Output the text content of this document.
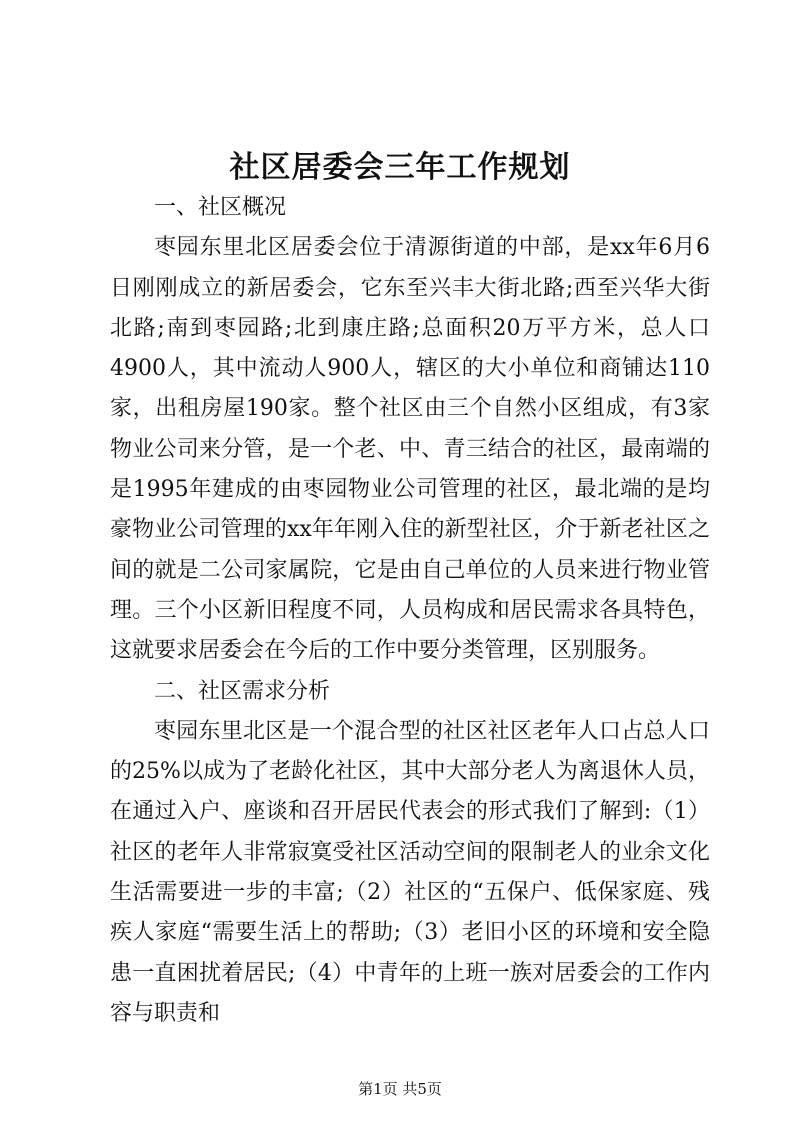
社区居委会三年工作规划

一、社区概况

枣园东里北区居委会位于清源街道的中部，是xx年6月6日刚刚成立的新居委会，它东至兴丰大街北路;西至兴华大街北路;南到枣园路;北到康庄路;总面积20万平方米，总人口4900人，其中流动人900人，辖区的大小单位和商铺达110家，出租房屋190家。整个社区由三个自然小区组成，有3家物业公司来分管，是一个老、中、青三结合的社区，最南端的是1995年建成的由枣园物业公司管理的社区，最北端的是均豪物业公司管理的xx年年刚入住的新型社区，介于新老社区之间的就是二公司家属院，它是由自己单位的人员来进行物业管理。三个小区新旧程度不同，人员构成和居民需求各具特色，这就要求居委会在今后的工作中要分类管理，区别服务。

二、社区需求分析

枣园东里北区是一个混合型的社区社区老年人口占总人口的25%以成为了老龄化社区，其中大部分老人为离退休人员，在通过入户、座谈和召开居民代表会的形式我们了解到:（1）社区的老年人非常寂寞受社区活动空间的限制老人的业余文化生活需要进一步的丰富;（2）社区的“五保户、低保家庭、残疾人家庭“需要生活上的帮助;（3）老旧小区的环境和安全隐患一直困扰着居民;（4）中青年的上班一族对居委会的工作内容与职责和

第1页 共5页
